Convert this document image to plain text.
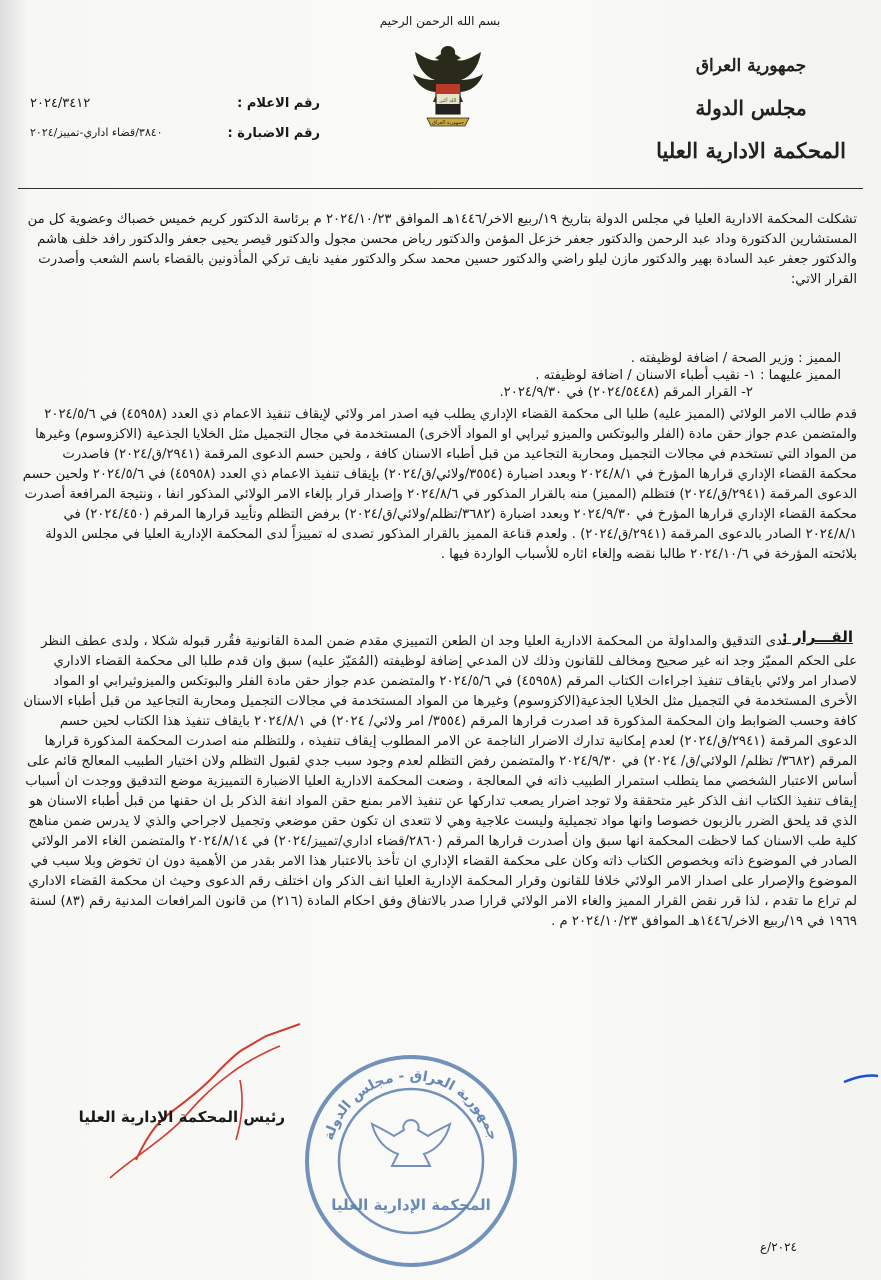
بسم الله الرحمن الرحيم
جمهورية العراق
مجلس الدولة
المحكمة الادارية العليا
الله أكبر
جمهورية العراق
٢٠٢٤/٣٤١٢	رقم الاعلام :
٣٨٤٠/قضاء اداري-تمييز/٢٠٢٤	رقم الاضبارة :
تشكلت المحكمة الادارية العليا في مجلس الدولة بتاريخ ١٩/ربيع الاخر/١٤٤٦هـ الموافق ٢٠٢٤/١٠/٢٣ م برئاسة الدكتور كريم خميس خصباك وعضوية كل من المستشارين الدكتورة وداد عبد الرحمن والدكتور جعفر خزعل المؤمن والدكتور رياض محسن مجول والدكتور قيصر يحيى جعفر والدكتور رافد خلف هاشم والدكتور جعفر عبد السادة بهير والدكتور مازن ليلو راضي والدكتور حسين محمد سكر والدكتور مفيد نايف تركي المأذونين بالقضاء باسم الشعب وأصدرت القرار الاتي:
المميز : وزير الصحة / اضافة لوظيفته .
المميز عليهما : ١- نقيب أطباء الاسنان / اضافة لوظيفته .
٢- القرار المرقم (٢٠٢٤/٥٤٤٨) في ٢٠٢٤/٩/٣٠.
قدم طالب الامر الولائي (المميز عليه) طلبا الى محكمة القضاء الإداري يطلب فيه اصدر امر ولائي لإيقاف تنفيذ الاعمام ذي العدد (٤٥٩٥٨) في ٢٠٢٤/٥/٦ والمتضمن عدم جواز حقن مادة (الفلر والبوتكس والميزو ثيراپي او المواد ألاخرى) المستخدمة في مجال التجميل مثل الخلايا الجذعية (الاكزوسوم) وغيرها من المواد التي تستخدم في مجالات التجميل ومحاربة التجاعيد من قبل أطباء الاسنان كافة ، ولحين حسم الدعوى المرقمة (٢٩٤١/ق/٢٠٢٤) فاصدرت محكمة القضاء الإداري قرارها المؤرخ في ٢٠٢٤/٨/١ وبعدد اضبارة (٣٥٥٤/ولائي/ق/٢٠٢٤) بإيقاف تنفيذ الاعمام ذي العدد (٤٥٩٥٨) في ٢٠٢٤/٥/٦ ولحين حسم الدعوى المرقمة (٢٩٤١/ق/٢٠٢٤) فتظلم (المميز) منه بالقرار المذكور في ٢٠٢٤/٨/٦ وإصدار قرار بإلغاء الامر الولائي المذكور انفا ، ونتيجة المرافعة أصدرت محكمة القضاء الإداري قرارها المؤرخ في ٢٠٢٤/٩/٣٠ وبعدد اضبارة (٣٦٨٢/تظلم/ولائي/ق/٢٠٢٤) برفض التظلم وتأييد قرارها المرقم (٢٠٢٤/٤٥٠) في ٢٠٢٤/٨/١ الصادر بالدعوى المرقمة (٢٩٤١/ق/٢٠٢٤) . ولعدم قناعة المميز بالقرار المذكور تصدى له تمييزاً لدى المحكمة الإدارية العليا في مجلس الدولة بلائحته المؤرخة في ٢٠٢٤/١٠/٦ طالبا نقضه وإلغاء اثاره للأسباب الواردة فيها .
القـــرار :
لدى التدقيق والمداولة من المحكمة الادارية العليا وجد ان الطعن التمييزي مقدم ضمن المدة القانونية فقُرر قبوله شكلا ، ولدى عطف النظر على الحكم المميّز وجد انه غير صحيح ومخالف للقانون وذلك لان المدعي إضافة لوظيفته (المُمَيّز عليه) سبق وان قدم طلبا الى محكمة القضاء الاداري لاصدار امر ولائي بايقاف تنفيذ اجراءات الكتاب المرقم (٤٥٩٥٨) في ٢٠٢٤/٥/٦ والمتضمن عدم جواز حقن مادة الفلر والبوتكس والميزوثيرابي او المواد الأخرى المستخدمة في التجميل مثل الخلايا الجذعية(الاكزوسوم) وغيرها من المواد المستخدمة في مجالات التجميل ومحاربة التجاعيد من قبل أطباء الاسنان كافة وحسب الضوابط وان المحكمة المذكورة قد اصدرت قرارها المرقم (٣٥٥٤/ امر ولائي/ ٢٠٢٤) في ٢٠٢٤/٨/١ بايقاف تنفيذ هذا الكتاب لحين حسم الدعوى المرقمة (٢٩٤١/ق/٢٠٢٤) لعدم إمكانية تدارك الاضرار الناجمة عن الامر المطلوب إيقاف تنفيذه ، وللتظلم منه اصدرت المحكمة المذكورة قرارها المرقم (٣٦٨٢/ تظلم/ الولائي/ق/ ٢٠٢٤) في ٢٠٢٤/٩/٣٠ والمتضمن رفض التظلم لعدم وجود سبب جدي لقبول التظلم ولان اختيار الطبيب المعالج قائم على أساس الاعتبار الشخصي مما يتطلب استمرار الطبيب ذاته في المعالجة ، وضعت المحكمة الادارية العليا الاضبارة التمييزية موضع التدقيق ووجدت ان أسباب إيقاف تنفيذ الكتاب انف الذكر غير متحققة ولا توجد اضرار يصعب تداركها عن تنفيذ الامر بمنع حقن المواد انفة الذكر بل ان حقنها من قبل أطباء الاسنان هو الذي قد يلحق الضرر بالزبون خصوصا وانها مواد تجميلية وليست علاجية وهي لا تتعدى ان تكون حقن موضعي وتجميل لاجراحي والذي لا يدرس ضمن مناهج كلية طب الاسنان كما لاحظت المحكمة انها سبق وان أصدرت قرارها المرقم (٢٨٦٠/قضاء اداري/تمييز/٢٠٢٤) في ٢٠٢٤/٨/١٤ والمتضمن الغاء الامر الولائي الصادر في الموضوع ذاته وبخصوص الكتاب ذاته وكان على محكمة القضاء الإداري ان تأخذ بالاعتبار هذا الامر بقدر من الأهمية دون ان تخوض وبلا سبب في الموضوع والإصرار على اصدار الامر الولائي خلافا للقانون وقرار المحكمة الإدارية العليا انف الذكر وان اختلف رقم الدعوى وحيث ان محكمة القضاء الاداري لم تراع ما تقدم ، لذا قرر نقض القرار المميز والغاء الامر الولائي قرارا صدر بالاتفاق وفق احكام المادة (٢١٦) من قانون المرافعات المدنية رقم (٨٣) لسنة ١٩٦٩ في ١٩/ربيع الاخر/١٤٤٦هـ الموافق ٢٠٢٤/١٠/٢٣ م .
رئيس المحكمة الإدارية العليا
جمهورية العراق - مجلس الدولة
المحكمة الإدارية العليا
٢٠٢٤/ع
